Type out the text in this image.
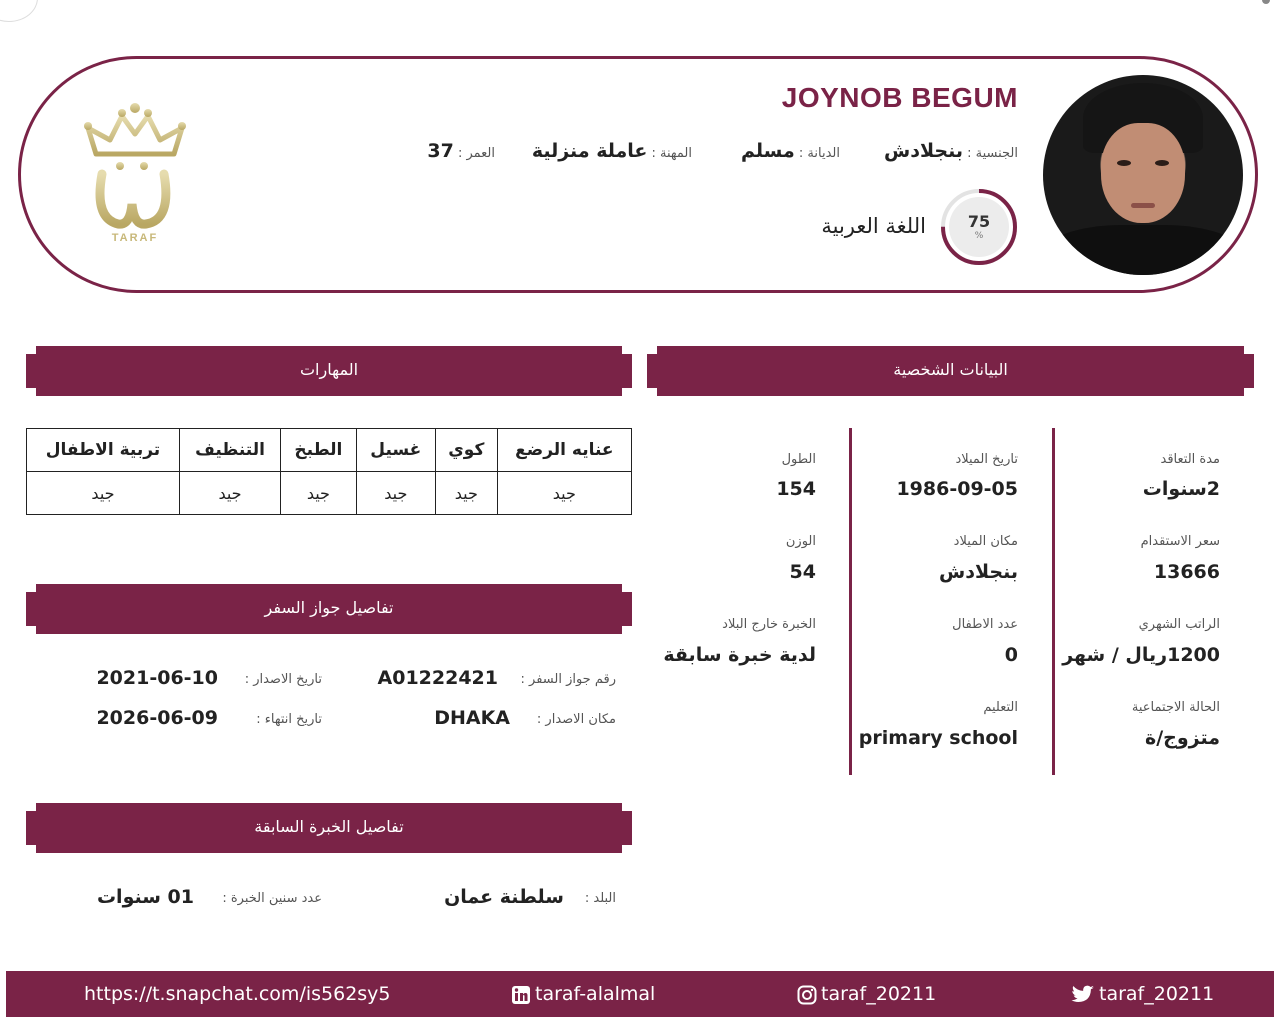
JOYNOB BEGUM
الجنسية : بنجلادش
الديانة : مسلم
المهنة : عاملة منزلية
العمر : 37
اللغة العربية	75
%
TARAF
البيانات الشخصية
مدة التعاقد
2سنوات
سعر الاستقدام
13666
الراتب الشهري
1200ريال / شهر
الحالة الاجتماعية
متزوج/ة
تاريخ الميلاد
1986-09-05
مكان الميلاد
بنجلادش
عدد الاطفال
0
التعليم
primary school
الطول
154
الوزن
54
الخبرة خارج البلاد
لدية خبرة سابقة
المهارات
عنايه الرضع	كوي	غسيل	الطبخ	التنظيف	تربية الاطفال
جيد	جيد	جيد	جيد	جيد	جيد
تفاصيل جواز السفر
رقم جواز السفر :
A01222421
تاريخ الاصدار :
2021-06-10
مكان الاصدار :
DHAKA
تاريخ انتهاء :
2026-06-09
تفاصيل الخبرة السابقة
البلد :
سلطنة عمان
عدد سنين الخبرة :
01 سنوات
https://t.snapchat.com/is562sy5	taraf-alalmal	taraf_20211	taraf_20211
